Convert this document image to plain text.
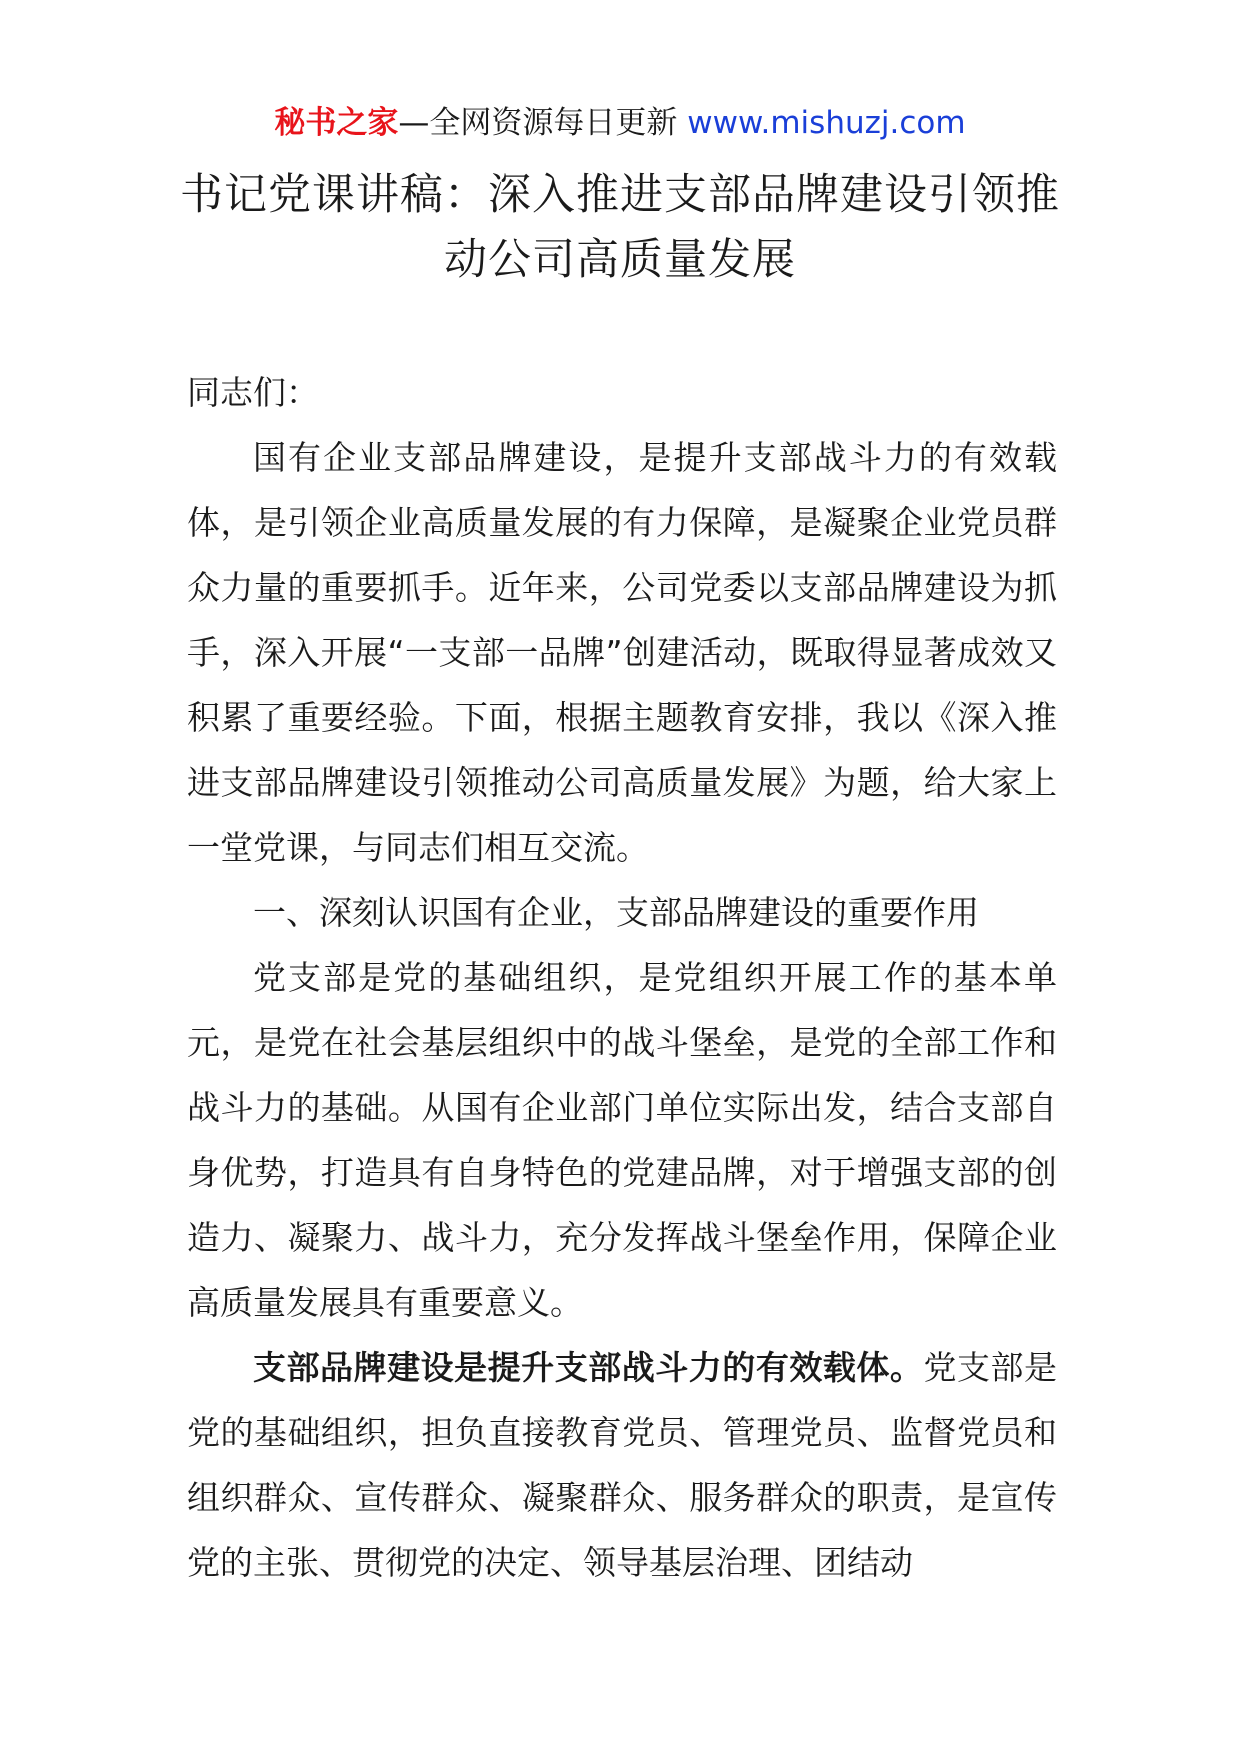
秘书之家—全网资源每日更新 www.mishuzj.com
书记党课讲稿：深入推进支部品牌建设引领推动公司高质量发展

同志们：

国有企业支部品牌建设，是提升支部战斗力的有效载体，是引领企业高质量发展的有力保障，是凝聚企业党员群众力量的重要抓手。近年来，公司党委以支部品牌建设为抓手，深入开展“一支部一品牌”创建活动，既取得显著成效又积累了重要经验。下面，根据主题教育安排，我以《深入推进支部品牌建设引领推动公司高质量发展》为题，给大家上一堂党课，与同志们相互交流。

一、深刻认识国有企业，支部品牌建设的重要作用

党支部是党的基础组织，是党组织开展工作的基本单元，是党在社会基层组织中的战斗堡垒，是党的全部工作和战斗力的基础。从国有企业部门单位实际出发，结合支部自身优势，打造具有自身特色的党建品牌，对于增强支部的创造力、凝聚力、战斗力，充分发挥战斗堡垒作用，保障企业高质量发展具有重要意义。

支部品牌建设是提升支部战斗力的有效载体。党支部是党的基础组织，担负直接教育党员、管理党员、监督党员和组织群众、宣传群众、凝聚群众、服务群众的职责，是宣传党的主张、贯彻党的决定、领导基层治理、团结动
